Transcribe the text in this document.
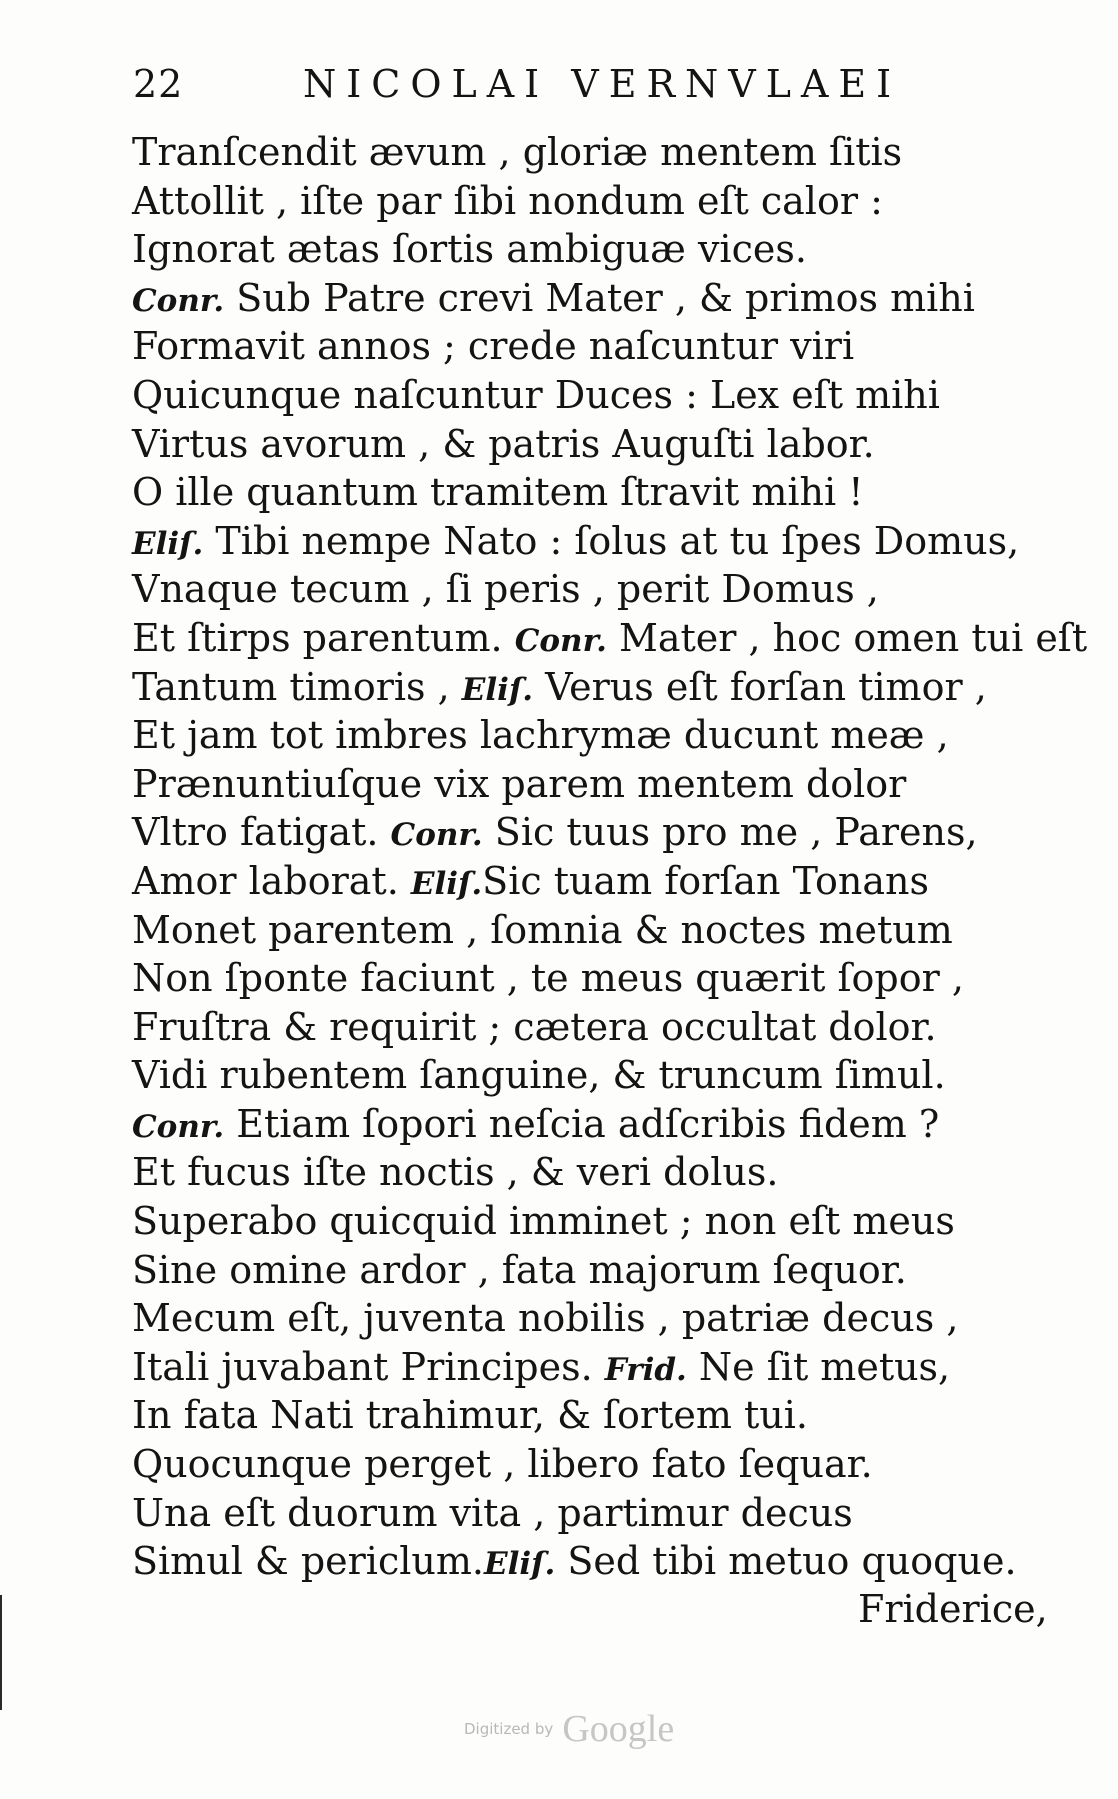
22	NICOLAI VERNVLAEI
Tranſcendit ævum , gloriæ mentem ſitis
Attollit , iſte par ſibi nondum eſt calor :
Ignorat ætas ſortis ambiguæ vices.
Conr. Sub Patre crevi Mater , & primos mihi
Formavit annos ; crede naſcuntur viri
Quicunque naſcuntur Duces : Lex eſt mihi
Virtus avorum , & patris Auguſti labor.
O ille quantum tramitem ſtravit mihi !
Eliſ. Tibi nempe Nato : ſolus at tu ſpes Domus,
Vnaque tecum , ſi peris , perit Domus ,
Et ſtirps parentum. Conr. Mater , hoc omen tui eſt
Tantum timoris , Eliſ. Verus eſt forſan timor ,
Et jam tot imbres lachrymæ ducunt meæ ,
Prænuntiuſque vix parem mentem dolor
Vltro fatigat. Conr. Sic tuus pro me , Parens,
Amor laborat. Eliſ.Sic tuam forſan Tonans
Monet parentem , ſomnia & noctes metum
Non ſponte faciunt , te meus quærit ſopor ,
Fruſtra & requirit ; cætera occultat dolor.
Vidi rubentem ſanguine, & truncum ſimul.
Conr. Etiam ſopori neſcia adſcribis fidem ?
Et fucus iſte noctis , & veri dolus.
Superabo quicquid imminet ; non eſt meus
Sine omine ardor , fata majorum ſequor.
Mecum eſt, juventa nobilis , patriæ decus ,
Itali juvabant Principes. Frid. Ne ſit metus,
In fata Nati trahimur, & ſortem tui.
Quocunque perget , libero fato ſequar.
Una eſt duorum vita , partimur decus
Simul & periclum.Eliſ. Sed tibi metuo quoque.
Friderice,
Digitized by Google
